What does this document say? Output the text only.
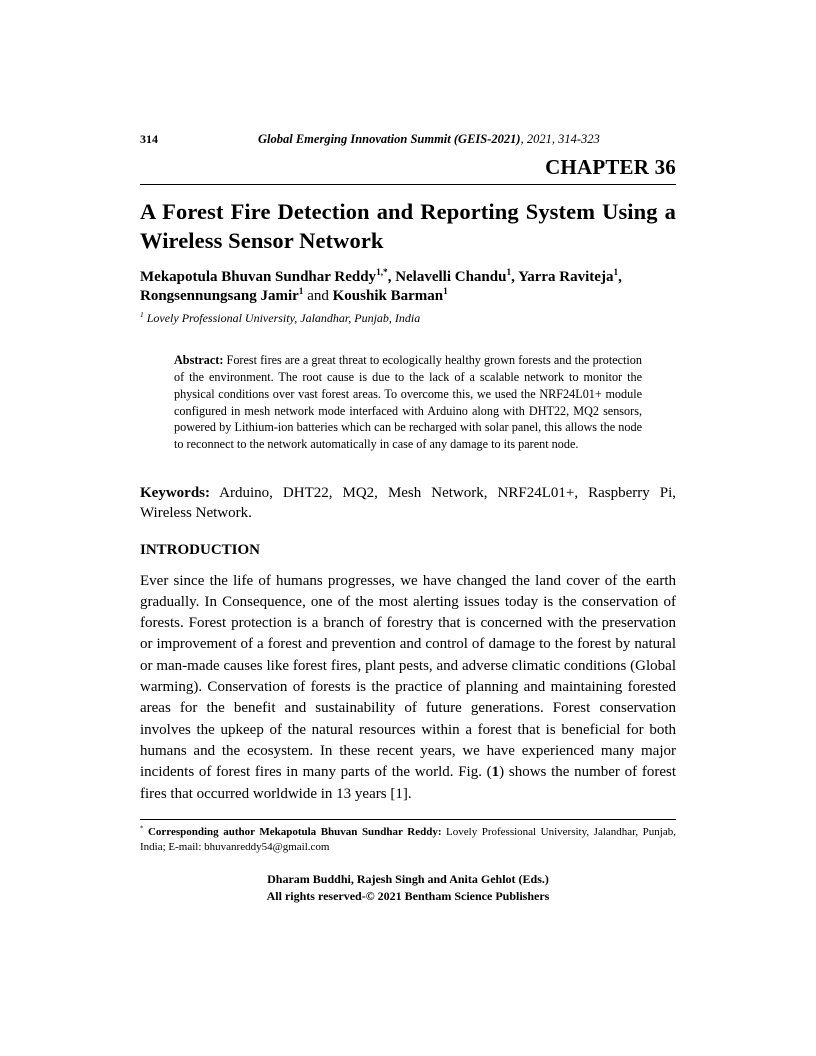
314	Global Emerging Innovation Summit (GEIS-2021), 2021, 314-323
CHAPTER 36
A Forest Fire Detection and Reporting System Using a Wireless Sensor Network
Mekapotula Bhuvan Sundhar Reddy$^{1,*}$, Nelavelli Chandu$^1$, Yarra Raviteja$^1$, Rongsennungsang Jamir$^1$ and Koushik Barman$^1$

$^1$ Lovely Professional University, Jalandhar, Punjab, India

Abstract: Forest fires are a great threat to ecologically healthy grown forests and the protection of the environment. The root cause is due to the lack of a scalable network to monitor the physical conditions over vast forest areas. To overcome this, we used the NRF24L01+ module configured in mesh network mode interfaced with Arduino along with DHT22, MQ2 sensors, powered by Lithium-ion batteries which can be recharged with solar panel, this allows the node to reconnect to the network automatically in case of any damage to its parent node.

Keywords: Arduino, DHT22, MQ2, Mesh Network, NRF24L01+, Raspberry Pi, Wireless Network.

INTRODUCTION

Ever since the life of humans progresses, we have changed the land cover of the earth gradually. In Consequence, one of the most alerting issues today is the conservation of forests. Forest protection is a branch of forestry that is concerned with the preservation or improvement of a forest and prevention and control of damage to the forest by natural or man-made causes like forest fires, plant pests, and adverse climatic conditions (Global warming). Conservation of forests is the practice of planning and maintaining forested areas for the benefit and sustainability of future generations. Forest conservation involves the upkeep of the natural resources within a forest that is beneficial for both humans and the ecosystem. In these recent years, we have experienced many major incidents of forest fires in many parts of the world. Fig. (1) shows the number of forest fires that occurred worldwide in 13 years [1].

* Corresponding author Mekapotula Bhuvan Sundhar Reddy: Lovely Professional University, Jalandhar, Punjab, India; E-mail: bhuvanreddy54@gmail.com

Dharam Buddhi, Rajesh Singh and Anita Gehlot (Eds.)
All rights reserved-© 2021 Bentham Science Publishers
